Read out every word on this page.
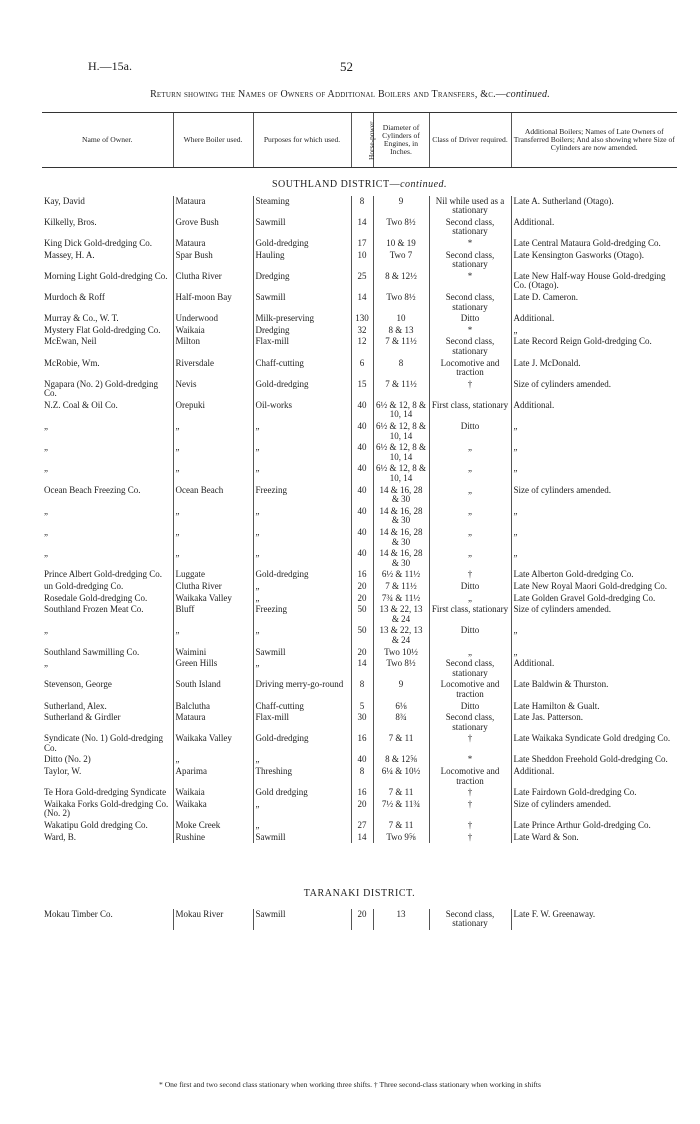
H.—15a.	52
Return showing the Names of Owners of Additional Boilers and Transfers, &c.—continued.
Name of Owner.	Where Boiler used.	Purposes for which used.	Horse-power.	Diameter of Cylinders of Engines, in Inches.	Class of Driver required.	Additional Boilers; Names of Late Owners of Transferred Boilers; And also showing where Size of Cylinders are now amended.
SOUTHLAND DISTRICT—continued.						
Kay, David	Mataura	Steaming	8	9	Nil while used as a stationary	Late A. Sutherland (Otago).
Kilkelly, Bros.	Grove Bush	Sawmill	14	Two 8½	Second class, stationary	Additional.
King Dick Gold-dredging Co.	Mataura	Gold-dredging	17	10 & 19	*	Late Central Mataura Gold-dredging Co.
Massey, H. A.	Spar Bush	Hauling	10	Two 7	Second class, stationary	Late Kensington Gasworks (Otago).
Morning Light Gold-dredging Co.	Clutha River	Dredging	25	8 & 12½	*	Late New Half-way House Gold-dredging Co. (Otago).
Murdoch & Roff	Half-moon Bay	Sawmill	14	Two 8½	Second class, stationary	Late D. Cameron.
Murray & Co., W. T.	Underwood	Milk-preserving	130	10	Ditto	Additional.
Mystery Flat Gold-dredging Co.	Waikaia	Dredging	32	8 & 13	*	„
McEwan, Neil	Milton	Flax-mill	12	7 & 11½	Second class, stationary	Late Record Reign Gold-dredging Co.
McRobie, Wm.	Riversdale	Chaff-cutting	6	8	Locomotive and traction	Late J. McDonald.
Ngapara (No. 2) Gold-dredging Co.	Nevis	Gold-dredging	15	7 & 11½	†	Size of cylinders amended.
N.Z. Coal & Oil Co.	Orepuki	Oil-works	40	6½ & 12, 8 & 10, 14	First class, stationary	Additional.
„	„	„	40	6½ & 12, 8 & 10, 14	Ditto	„
„	„	„	40	6½ & 12, 8 & 10, 14	„	„
„	„	„	40	6½ & 12, 8 & 10, 14	„	„
Ocean Beach Freezing Co.	Ocean Beach	Freezing	40	14 & 16, 28 & 30	„	Size of cylinders amended.
„	„	„	40	14 & 16, 28 & 30	„	„
„	„	„	40	14 & 16, 28 & 30	„	„
„	„	„	40	14 & 16, 28 & 30	„	„
Prince Albert Gold-dredging Co.	Luggate	Gold-dredging	16	6½ & 11½	†	Late Alberton Gold-dredging Co.
un Gold-dredging Co.	Clutha River	„	20	7 & 11½	Ditto	Late New Royal Maori Gold-dredging Co.
Rosedale Gold-dredging Co.	Waikaka Valley	„	20	7¾ & 11½	„	Late Golden Gravel Gold-dredging Co.
Southland Frozen Meat Co.	Bluff	Freezing	50	13 & 22, 13 & 24	First class, stationary	Size of cylinders amended.
„	„	„	50	13 & 22, 13 & 24	Ditto	„
Southland Sawmilling Co.	Waimini	Sawmill	20	Two 10½	„	„
„	Green Hills	„	14	Two 8½	Second class, stationary	Additional.
Stevenson, George	South Island	Driving merry-go-round	8	9	Locomotive and traction	Late Baldwin & Thurston.
Sutherland, Alex.	Balclutha	Chaff-cutting	5	6⅛	Ditto	Late Hamilton & Gualt.
Sutherland & Girdler	Mataura	Flax-mill	30	8¾	Second class, stationary	Late Jas. Patterson.
Syndicate (No. 1) Gold-dredging Co.	Waikaka Valley	Gold-dredging	16	7 & 11	†	Late Waikaka Syndicate Gold dredging Co.
Ditto (No. 2)	„	„	40	8 & 12⅝	*	Late Sheddon Freehold Gold-dredging Co.
Taylor, W.	Aparima	Threshing	8	6¼ & 10½	Locomotive and traction	Additional.
Te Hora Gold-dredging Syndicate	Waikaia	Gold dredging	16	7 & 11	†	Late Fairdown Gold-dredging Co.
Waikaka Forks Gold-dredging Co. (No. 2)	Waikaka	„	20	7½ & 11¾	†	Size of cylinders amended.
Wakatipu Gold dredging Co.	Moke Creek	„	27	7 & 11	†	Late Prince Arthur Gold-dredging Co.
Ward, B.	Rushine	Sawmill	14	Two 9⅝	†	Late Ward & Son.

TARANAKI DISTRICT.						
Mokau Timber Co.	Mokau River	Sawmill	20	13	Second class, stationary	Late F. W. Greenaway.
* One first and two second class stationary when working three shifts. † Three second-class stationary when working in shifts
